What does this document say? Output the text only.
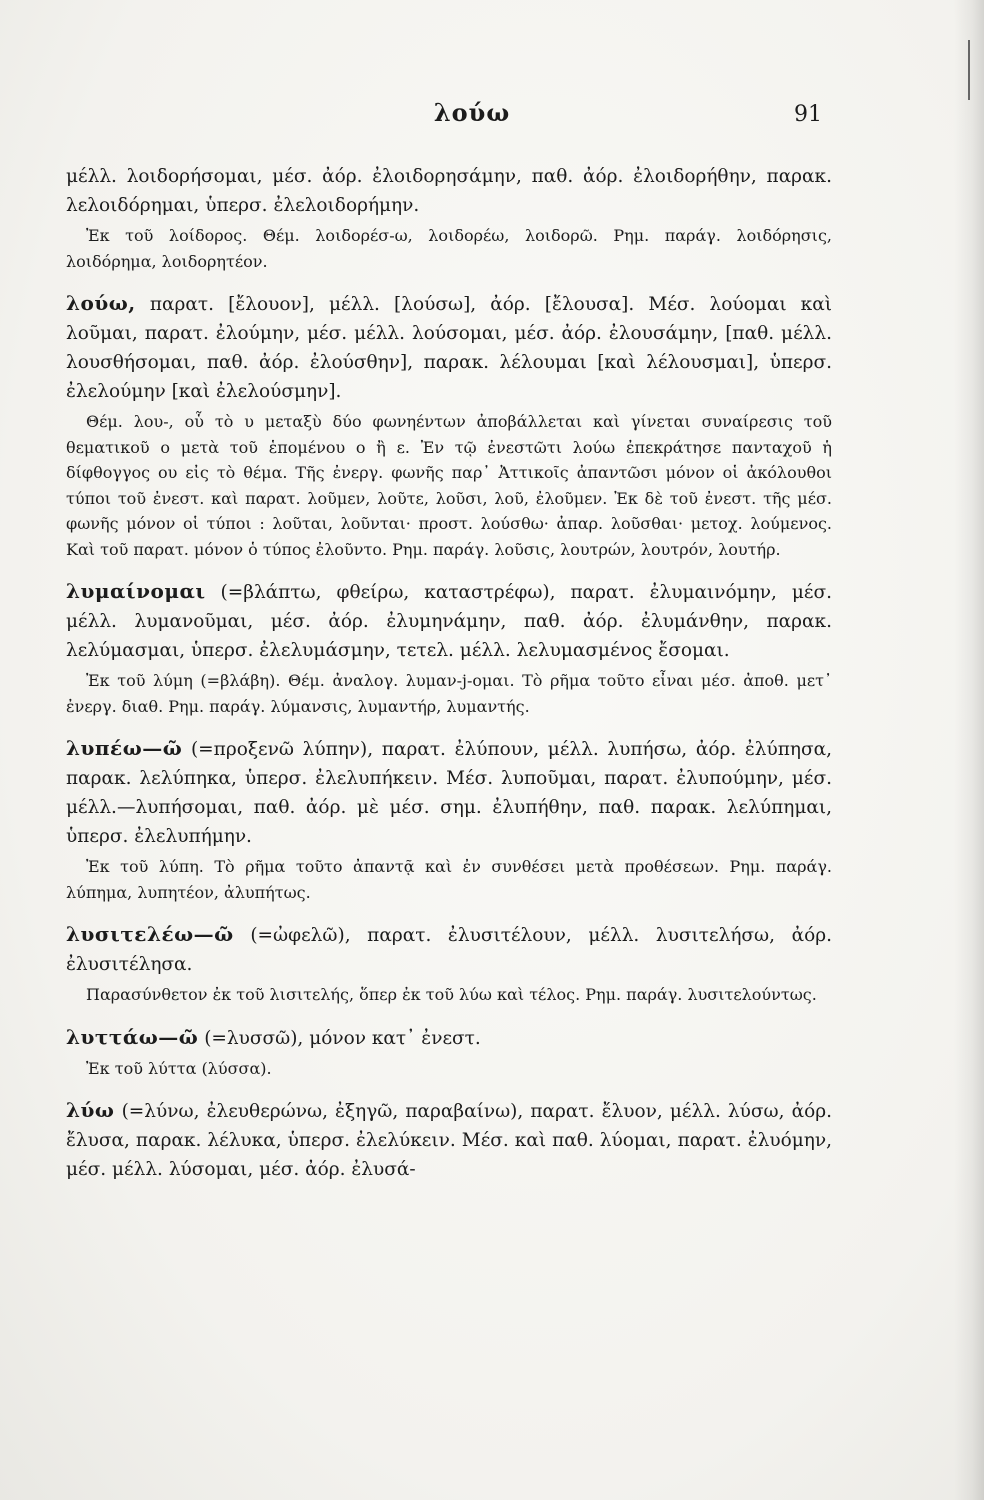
λούω	91
μέλλ. λοιδορήσομαι, μέσ. ἀόρ. ἐλοιδορησάμην, παθ. ἀόρ. ἐλοιδορήθην, παρακ. λελοιδόρημαι, ὑπερσ. ἐλελοιδορήμην.
Ἐκ τοῦ λοίδορος. Θέμ. λοιδορέσ-ω, λοιδορέω, λοιδορῶ. Ρημ. παράγ. λοιδόρησις, λοιδόρημα, λοιδορητέον.
λούω, παρατ. [ἔλουον], μέλλ. [λούσω], ἀόρ. [ἔλουσα]. Μέσ. λούομαι καὶ λοῦμαι, παρατ. ἐλούμην, μέσ. μέλλ. λούσομαι, μέσ. ἀόρ. ἐλουσάμην, [παθ. μέλλ. λουσθήσομαι, παθ. ἀόρ. ἐλούσθην], παρακ. λέλουμαι [καὶ λέλουσμαι], ὑπερσ. ἐλελούμην [καὶ ἐλελούσμην].
Θέμ. λου-, οὗ τὸ υ μεταξὺ δύο φωνηέντων ἀποβάλλεται καὶ γίνεται συναίρεσις τοῦ θεματικοῦ ο μετὰ τοῦ ἑπομένου ο ἢ ε. Ἐν τῷ ἐνεστῶτι λούω ἐπεκράτησε πανταχοῦ ἡ δίφθογγος ου εἰς τὸ θέμα. Τῆς ἐνεργ. φωνῆς παρ᾽ Ἀττικοῖς ἀπαντῶσι μόνον οἱ ἀκόλουθοι τύποι τοῦ ἐνεστ. καὶ παρατ. λοῦμεν, λοῦτε, λοῦσι, λοῦ, ἐλοῦμεν. Ἐκ δὲ τοῦ ἐνεστ. τῆς μέσ. φωνῆς μόνον οἱ τύποι : λοῦται, λοῦνται· προστ. λούσθω· ἀπαρ. λοῦσθαι· μετοχ. λούμενος. Καὶ τοῦ παρατ. μόνον ὁ τύπος ἐλοῦντο. Ρημ. παράγ. λοῦσις, λουτρών, λουτρόν, λουτήρ.
λυμαίνομαι (=βλάπτω, φθείρω, καταστρέφω), παρατ. ἐλυμαινόμην, μέσ. μέλλ. λυμανοῦμαι, μέσ. ἀόρ. ἐλυμηνάμην, παθ. ἀόρ. ἐλυμάνθην, παρακ. λελύμασμαι, ὑπερσ. ἐλελυμάσμην, τετελ. μέλλ. λελυμασμένος ἔσομαι.
Ἐκ τοῦ λύμη (=βλάβη). Θέμ. ἀναλογ. λυμαν-j-ομαι. Τὸ ρῆμα τοῦτο εἶναι μέσ. ἀποθ. μετ᾽ ἐνεργ. διαθ. Ρημ. παράγ. λύμανσις, λυμαντήρ, λυμαντής.
λυπέω—ῶ (=προξενῶ λύπην), παρατ. ἐλύπουν, μέλλ. λυπήσω, ἀόρ. ἐλύπησα, παρακ. λελύπηκα, ὑπερσ. ἐλελυπήκειν. Μέσ. λυποῦμαι, παρατ. ἐλυπούμην, μέσ. μέλλ.—λυπήσομαι, παθ. ἀόρ. μὲ μέσ. σημ. ἐλυπήθην, παθ. παρακ. λελύπημαι, ὑπερσ. ἐλελυπήμην.
Ἐκ τοῦ λύπη. Τὸ ρῆμα τοῦτο ἀπαντᾷ καὶ ἐν συνθέσει μετὰ προθέσεων. Ρημ. παράγ. λύπημα, λυπητέον, ἀλυπήτως.
λυσιτελέω—ῶ (=ὠφελῶ), παρατ. ἐλυσιτέλουν, μέλλ. λυσιτελήσω, ἀόρ. ἐλυσιτέλησα.
Παρασύνθετον ἐκ τοῦ λισιτελής, ὅπερ ἐκ τοῦ λύω καὶ τέλος. Ρημ. παράγ. λυσιτελούντως.
λυττάω—ῶ (=λυσσῶ), μόνον κατ᾽ ἐνεστ.
Ἐκ τοῦ λύττα (λύσσα).
λύω (=λύνω, ἐλευθερώνω, ἐξηγῶ, παραβαίνω), παρατ. ἔλυον, μέλλ. λύσω, ἀόρ. ἔλυσα, παρακ. λέλυκα, ὑπερσ. ἐλελύκειν. Μέσ. καὶ παθ. λύομαι, παρατ. ἐλυόμην, μέσ. μέλλ. λύσομαι, μέσ. ἀόρ. ἐλυσά-
